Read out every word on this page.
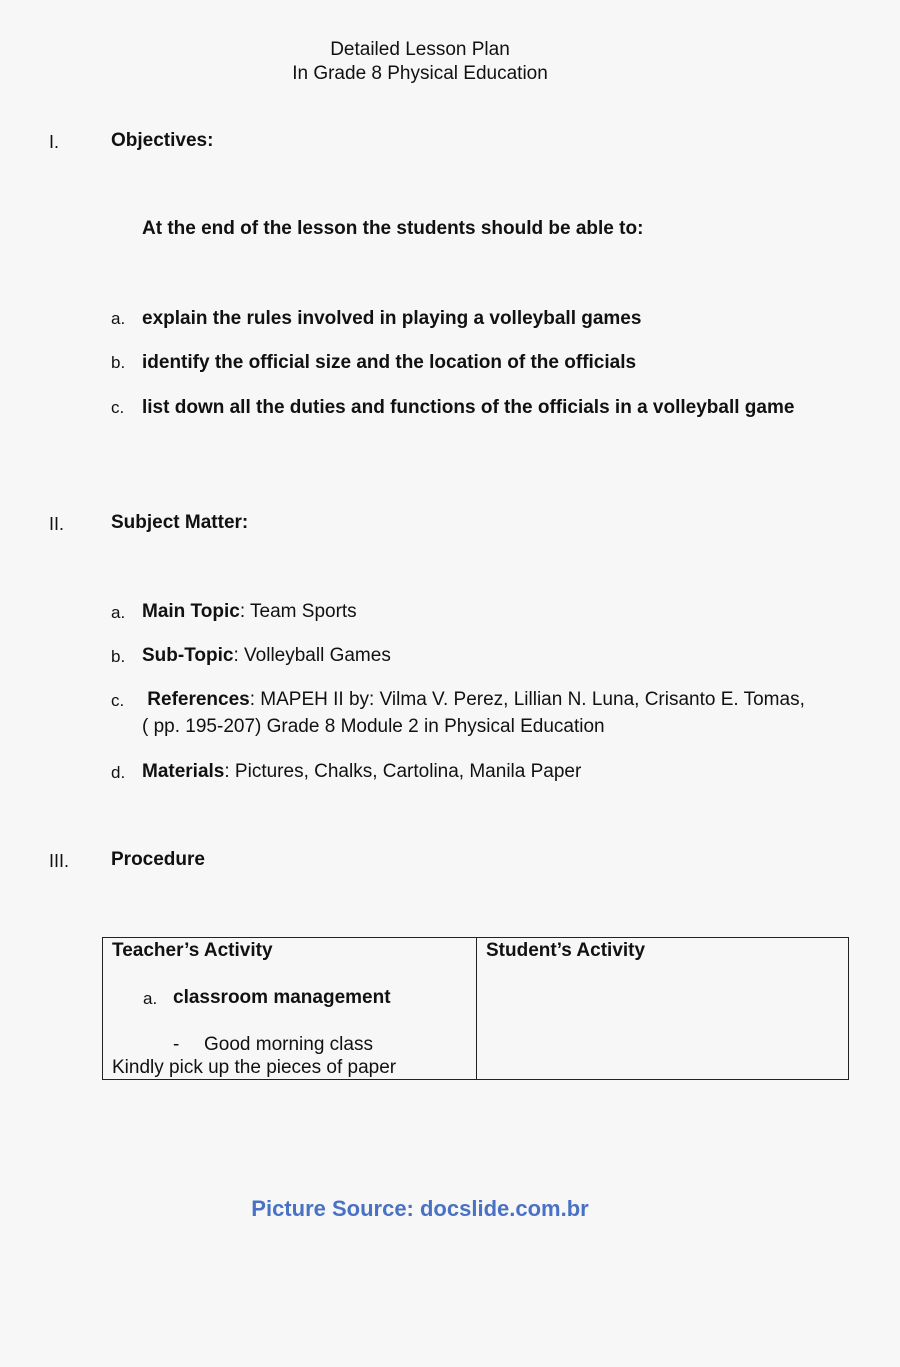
Detailed Lesson Plan
In Grade 8 Physical Education
I.	Objectives:
At the end of the lesson the students should be able to:
a. explain the rules involved in playing a volleyball games
b. identify the official size and the location of the officials
c. list down all the duties and functions of the officials in a volleyball game
II. Subject Matter:
a. Main Topic: Team Sports
b. Sub-Topic: Volleyball Games
c. References: MAPEH II by: Vilma V. Perez, Lillian N. Luna, Crisanto E. Tomas,( pp. 195-207) Grade 8 Module 2 in Physical Education
d. Materials: Pictures, Chalks, Cartolina, Manila Paper
III. Procedure
Teacher’s Activity	Student’s Activity
a. classroom management
- Good morning class
Kindly pick up the pieces of paper
Picture Source: docslide.com.br
